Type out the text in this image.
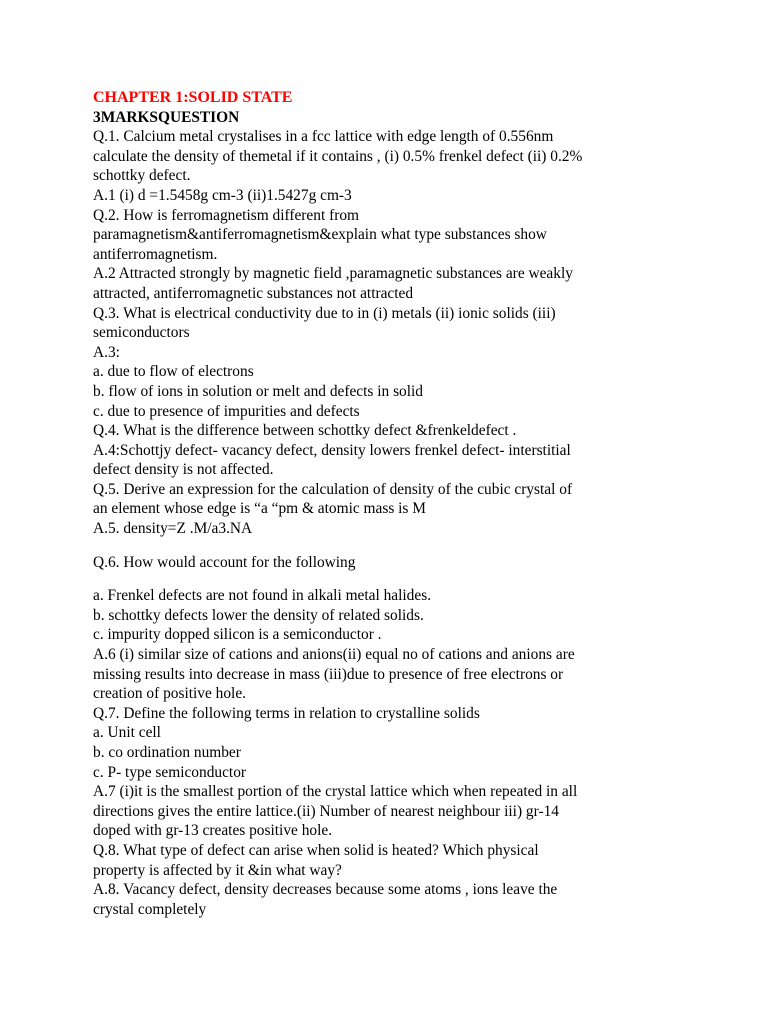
CHAPTER 1:SOLID STATE
3MARKSQUESTION
Q.1. Calcium metal crystalises in a fcc lattice with edge length of 0.556nm
calculate the density of themetal if it contains , (i) 0.5% frenkel defect (ii) 0.2%
schottky defect.
A.1 (i) d =1.5458g cm-3 (ii)1.5427g cm-3
Q.2. How is ferromagnetism different from
paramagnetism&antiferromagnetism&explain what type substances show
antiferromagnetism.
A.2 Attracted strongly by magnetic field ,paramagnetic substances are weakly
attracted, antiferromagnetic substances not attracted
Q.3. What is electrical conductivity due to in (i) metals (ii) ionic solids (iii)
semiconductors
A.3:
a. due to flow of electrons
b. flow of ions in solution or melt and defects in solid
c. due to presence of impurities and defects
Q.4. What is the difference between schottky defect &frenkeldefect .
A.4:Schottjy defect- vacancy defect, density lowers frenkel defect- interstitial
defect density is not affected.
Q.5. Derive an expression for the calculation of density of the cubic crystal of
an element whose edge is “a “pm & atomic mass is M
A.5. density=Z .M/a3.NA
Q.6. How would account for the following
a. Frenkel defects are not found in alkali metal halides.
b. schottky defects lower the density of related solids.
c. impurity dopped silicon is a semiconductor .
A.6 (i) similar size of cations and anions(ii) equal no of cations and anions are
missing results into decrease in mass (iii)due to presence of free electrons or
creation of positive hole.
Q.7. Define the following terms in relation to crystalline solids
a. Unit cell
b. co ordination number
c. P- type semiconductor
A.7 (i)it is the smallest portion of the crystal lattice which when repeated in all
directions gives the entire lattice.(ii) Number of nearest neighbour iii) gr-14
doped with gr-13 creates positive hole.
Q.8. What type of defect can arise when solid is heated? Which physical
property is affected by it &in what way?
A.8. Vacancy defect, density decreases because some atoms , ions leave the
crystal completely
